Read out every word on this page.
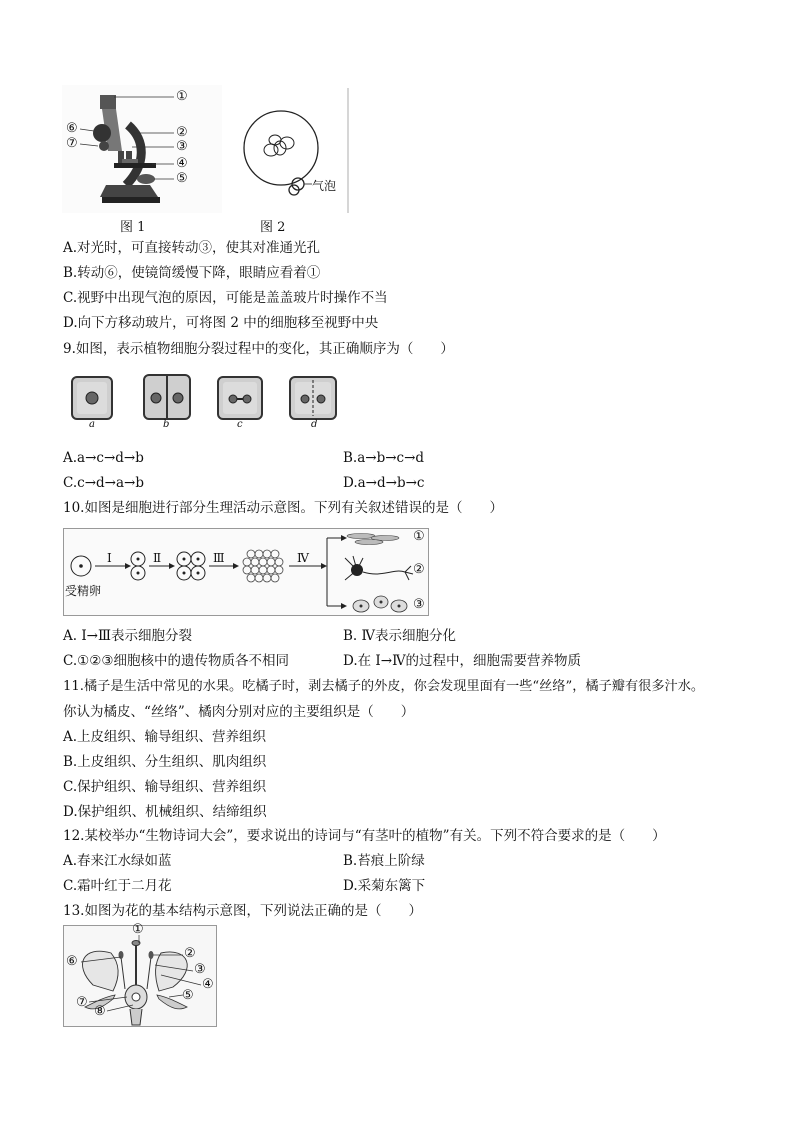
①
②
③
④
⑤
⑥
⑦
气泡
图 1	图 2
A.对光时，可直接转动③，使其对准通光孔
B.转动⑥，使镜筒缓慢下降，眼睛应看着①
C.视野中出现气泡的原因，可能是盖盖玻片时操作不当
D.向下方移动玻片，可将图 2 中的细胞移至视野中央
9.如图，表示植物细胞分裂过程中的变化，其正确顺序为（　　）
a	b	c	d
A.a→c→d→b	B.a→b→c→d
C.c→d→a→b	D.a→d→b→c
10.如图是细胞进行部分生理活动示意图。下列有关叙述错误的是（　　）
受精卵
Ⅰ	Ⅱ	Ⅲ	Ⅳ
①
②
③
A. Ⅰ→Ⅲ表示细胞分裂	B. Ⅳ表示细胞分化
C.①②③细胞核中的遗传物质各不相同	D.在 Ⅰ→Ⅳ的过程中，细胞需要营养物质
11.橘子是生活中常见的水果。吃橘子时，剥去橘子的外皮，你会发现里面有一些“丝络”，橘子瓣有很多汁水。
你认为橘皮、“丝络”、橘肉分别对应的主要组织是（　　）
A.上皮组织、输导组织、营养组织
B.上皮组织、分生组织、肌肉组织
C.保护组织、输导组织、营养组织
D.保护组织、机械组织、结缔组织
12.某校举办“生物诗词大会”，要求说出的诗词与“有茎叶的植物”有关。下列不符合要求的是（　　）
A.春来江水绿如蓝	B.苔痕上阶绿
C.霜叶红于二月花	D.采菊东篱下
13.如图为花的基本结构示意图，下列说法正确的是（　　）
①
②
③
④
⑤
⑥
⑦
⑧
